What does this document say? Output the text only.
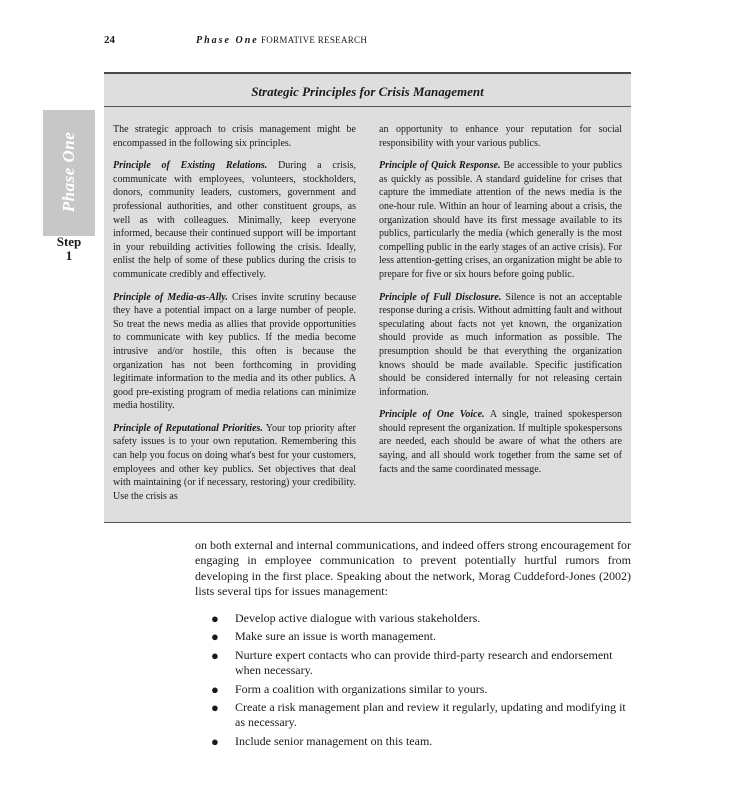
24	Phase One FORMATIVE RESEARCH
Phase One
Step
1
Strategic Principles for Crisis Management

The strategic approach to crisis management might be encompassed in the following six principles.

Principle of Existing Relations. During a crisis, communicate with employees, volunteers, stockholders, donors, community leaders, customers, government and professional authorities, and other constituent groups, as well as with colleagues. Minimally, keep everyone informed, because their continued support will be important in your rebuilding activities following the crisis. Ideally, enlist the help of some of these publics during the crisis to communicate credibly and effectively.

Principle of Media-as-Ally. Crises invite scrutiny because they have a potential impact on a large number of people. So treat the news media as allies that provide opportunities to communicate with key publics. If the media become intrusive and/or hostile, this often is because the organization has not been forthcoming in providing legitimate information to the media and its other publics. A good pre-existing program of media relations can minimize media hostility.

Principle of Reputational Priorities. Your top priority after safety issues is to your own reputation. Remembering this can help you focus on doing what's best for your customers, employees and other key publics. Set objectives that deal with maintaining (or if necessary, restoring) your credibility. Use the crisis as

an opportunity to enhance your reputation for social responsibility with your various publics.

Principle of Quick Response. Be accessible to your publics as quickly as possible. A standard guideline for crises that capture the immediate attention of the news media is the one-hour rule. Within an hour of learning about a crisis, the organization should have its first message available to its publics, particularly the media (which generally is the most compelling public in the early stages of an active crisis). For less attention-getting crises, an organization might be able to prepare for five or six hours before going public.

Principle of Full Disclosure. Silence is not an acceptable response during a crisis. Without admitting fault and without speculating about facts not yet known, the organization should provide as much information as possible. The presumption should be that everything the organization knows should be made available. Specific justification should be considered internally for not releasing certain information.

Principle of One Voice. A single, trained spokesperson should represent the organization. If multiple spokespersons are needed, each should be aware of what the others are saying, and all should work together from the same set of facts and the same coordinated message.

on both external and internal communications, and indeed offers strong encouragement for engaging in employee communication to prevent potentially hurtful rumors from developing in the first place. Speaking about the network, Morag Cuddeford-Jones (2002) lists several tips for issues management:
● Develop active dialogue with various stakeholders.
● Make sure an issue is worth management.
● Nurture expert contacts who can provide third-party research and endorsement when necessary.
● Form a coalition with organizations similar to yours.
● Create a risk management plan and review it regularly, updating and modifying it as necessary.
● Include senior management on this team.
